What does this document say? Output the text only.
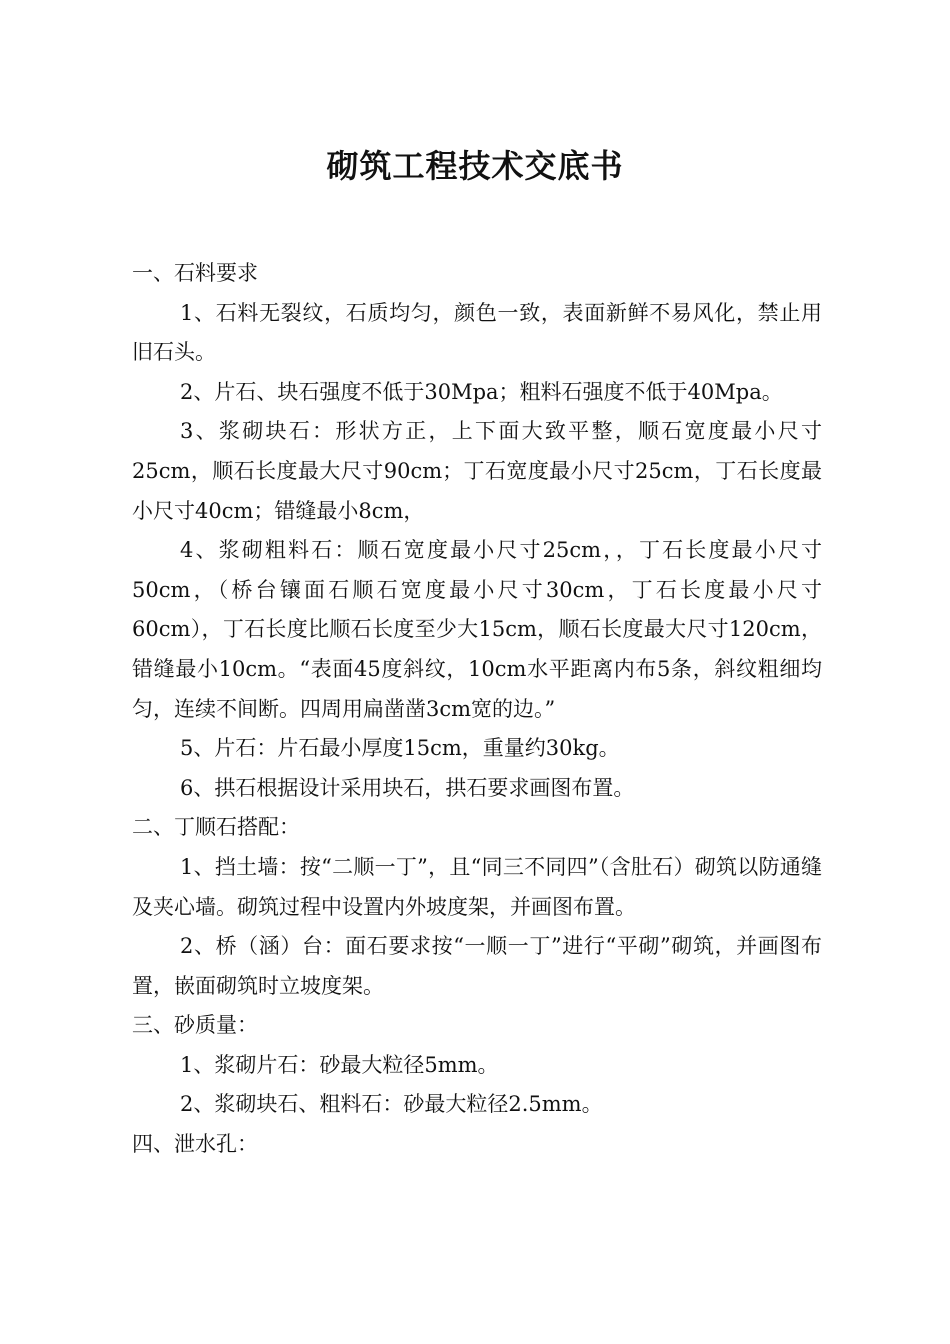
砌筑工程技术交底书

一、石料要求

1、石料无裂纹，石质均匀，颜色一致，表面新鲜不易风化，禁止用旧石头。

2、片石、块石强度不低于30Mpa；粗料石强度不低于40Mpa。

3、浆砌块石：形状方正，上下面大致平整，顺石宽度最小尺寸25cm，顺石长度最大尺寸90cm；丁石宽度最小尺寸25cm，丁石长度最小尺寸40cm；错缝最小8cm，

4、浆砌粗料石：顺石宽度最小尺寸25cm，，丁石长度最小尺寸50cm，（桥台镶面石顺石宽度最小尺寸30cm，丁石长度最小尺寸60cm），丁石长度比顺石长度至少大15cm，顺石长度最大尺寸120cm，错缝最小10cm。“表面45度斜纹，10cm水平距离内布5条，斜纹粗细均匀，连续不间断。四周用扁凿凿3cm宽的边。”

5、片石：片石最小厚度15cm，重量约30kg。

6、拱石根据设计采用块石，拱石要求画图布置。

二、丁顺石搭配：

1、挡土墙：按“二顺一丁”，且“同三不同四”（含肚石）砌筑以防通缝及夹心墙。砌筑过程中设置内外坡度架，并画图布置。

2、桥（涵）台：面石要求按“一顺一丁”进行“平砌”砌筑，并画图布置，嵌面砌筑时立坡度架。

三、砂质量：

1、浆砌片石：砂最大粒径5mm。

2、浆砌块石、粗料石：砂最大粒径2.5mm。

四、泄水孔：
